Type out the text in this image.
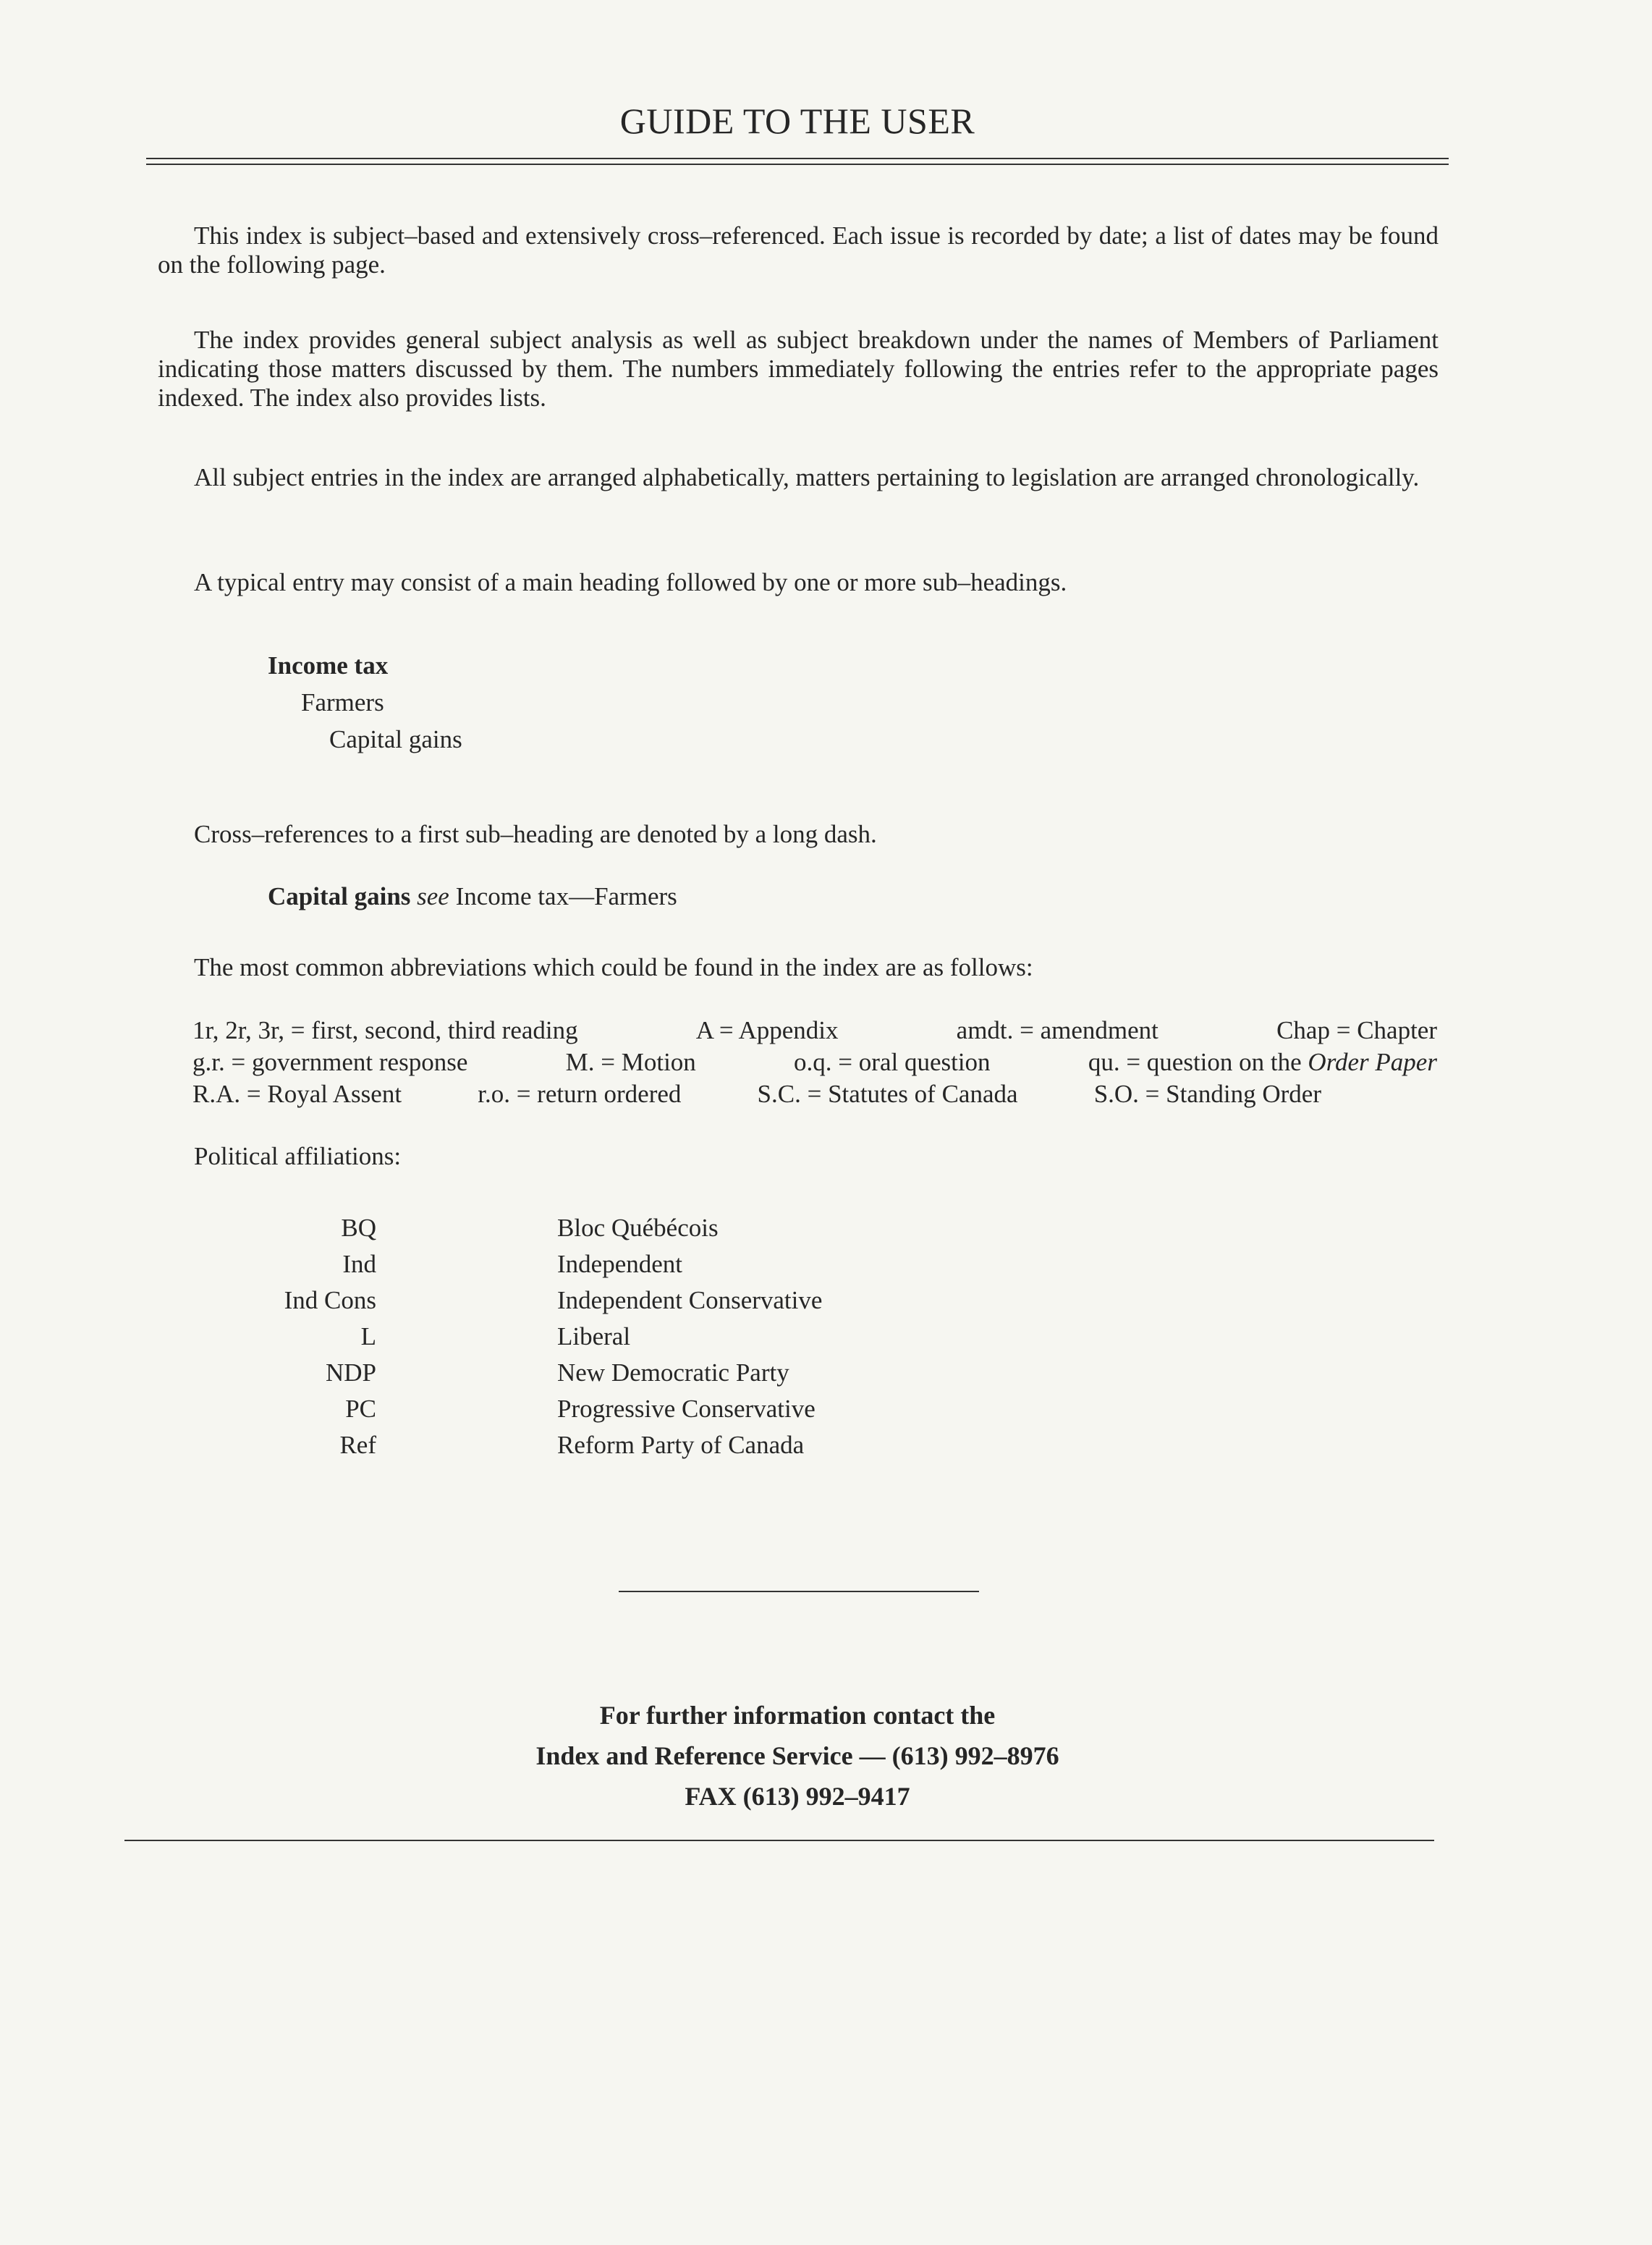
GUIDE TO THE USER
This index is subject–based and extensively cross–referenced. Each issue is recorded by date; a list of dates may be found on the following page.
The index provides general subject analysis as well as subject breakdown under the names of Members of Parliament indicating those matters discussed by them. The numbers immediately following the entries refer to the appropriate pages indexed. The index also provides lists.
All subject entries in the index are arranged alphabetically, matters pertaining to legislation are arranged chronologically.
A typical entry may consist of a main heading followed by one or more sub–headings.
Income tax
Farmers
Capital gains
Cross–references to a first sub–heading are denoted by a long dash.
Capital gains see Income tax—Farmers
The most common abbreviations which could be found in the index are as follows:
1r, 2r, 3r, = first, second, third reading	A = Appendix	amdt. = amendment	Chap = Chapter
g.r. = government response	M. = Motion	o.q. = oral question	qu. = question on the Order Paper
R.A. = Royal Assent	r.o. = return ordered	S.C. = Statutes of Canada	S.O. = Standing Order
Political affiliations:
BQ	Bloc Québécois
Ind	Independent
Ind Cons	Independent Conservative
L	Liberal
NDP	New Democratic Party
PC	Progressive Conservative
Ref	Reform Party of Canada
For further information contact the
Index and Reference Service — (613) 992–8976
FAX (613) 992–9417
